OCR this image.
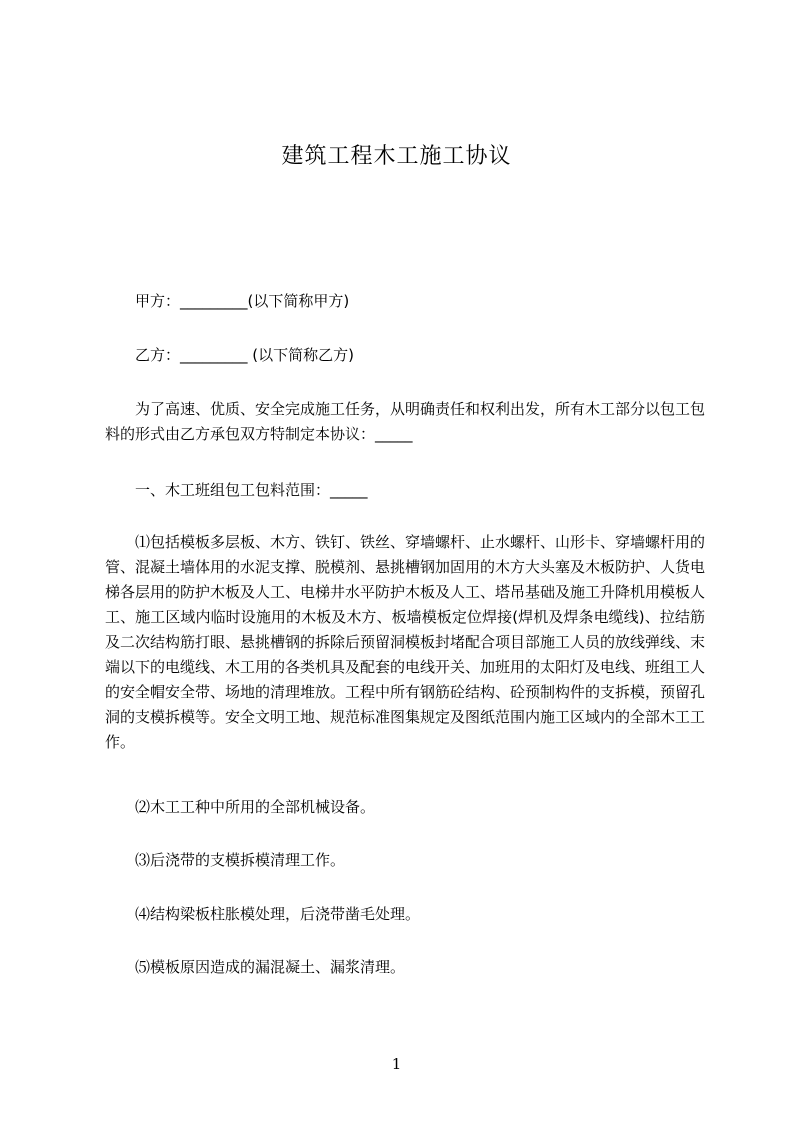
建筑工程木工施工协议

甲方：_________(以下简称甲方)

乙方：_________ (以下简称乙方)

为了高速、优质、安全完成施工任务，从明确责任和权利出发，所有木工部分以包工包料的形式由乙方承包双方特制定本协议：_____

一、木工班组包工包料范围：_____

⑴包括模板多层板、木方、铁钉、铁丝、穿墙螺杆、止水螺杆、山形卡、穿墙螺杆用的管、混凝土墙体用的水泥支撑、脱模剂、悬挑槽钢加固用的木方大头塞及木板防护、人货电梯各层用的防护木板及人工、电梯井水平防护木板及人工、塔吊基础及施工升降机用模板人工、施工区域内临时设施用的木板及木方、板墙模板定位焊接(焊机及焊条电缆线)、拉结筋及二次结构筋打眼、悬挑槽钢的拆除后预留洞模板封堵配合项目部施工人员的放线弹线、末端以下的电缆线、木工用的各类机具及配套的电线开关、加班用的太阳灯及电线、班组工人的安全帽安全带、场地的清理堆放。工程中所有钢筋砼结构、砼预制构件的支拆模，预留孔洞的支模拆模等。安全文明工地、规范标准图集规定及图纸范围内施工区域内的全部木工工作。

⑵木工工种中所用的全部机械设备。

⑶后浇带的支模拆模清理工作。

⑷结构梁板柱胀模处理，后浇带凿毛处理。

⑸模板原因造成的漏混凝土、漏浆清理。

1
